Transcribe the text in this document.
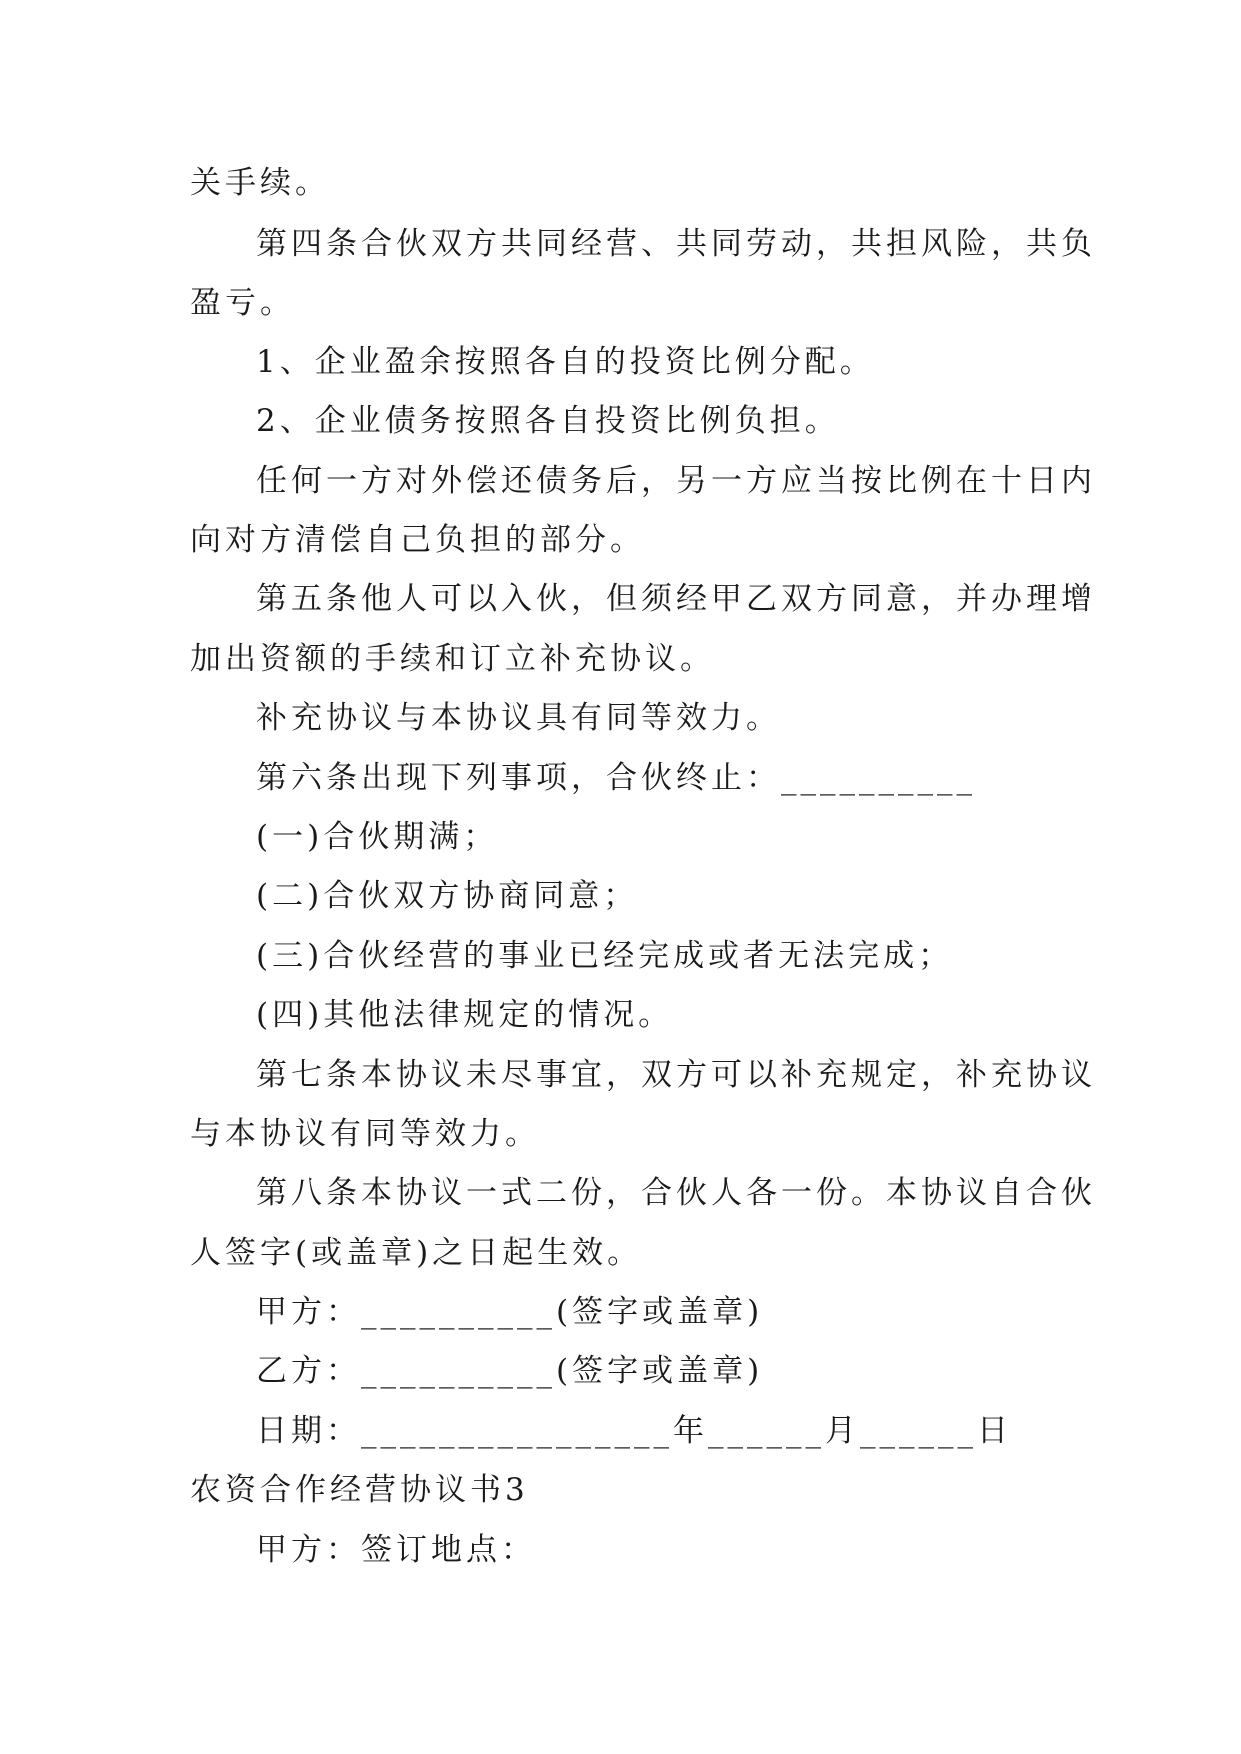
关手续。
第四条合伙双方共同经营、共同劳动，共担风险，共负
盈亏。
1、企业盈余按照各自的投资比例分配。
2、企业债务按照各自投资比例负担。
任何一方对外偿还债务后，另一方应当按比例在十日内
向对方清偿自己负担的部分。
第五条他人可以入伙，但须经甲乙双方同意，并办理增
加出资额的手续和订立补充协议。
补充协议与本协议具有同等效力。
第六条出现下列事项，合伙终止：__________
(一)合伙期满；
(二)合伙双方协商同意；
(三)合伙经营的事业已经完成或者无法完成；
(四)其他法律规定的情况。
第七条本协议未尽事宜，双方可以补充规定，补充协议
与本协议有同等效力。
第八条本协议一式二份，合伙人各一份。本协议自合伙
人签字(或盖章)之日起生效。
甲方：__________(签字或盖章)
乙方：__________(签字或盖章)
日期：________________年______月______日
农资合作经营协议书3
甲方：签订地点：
